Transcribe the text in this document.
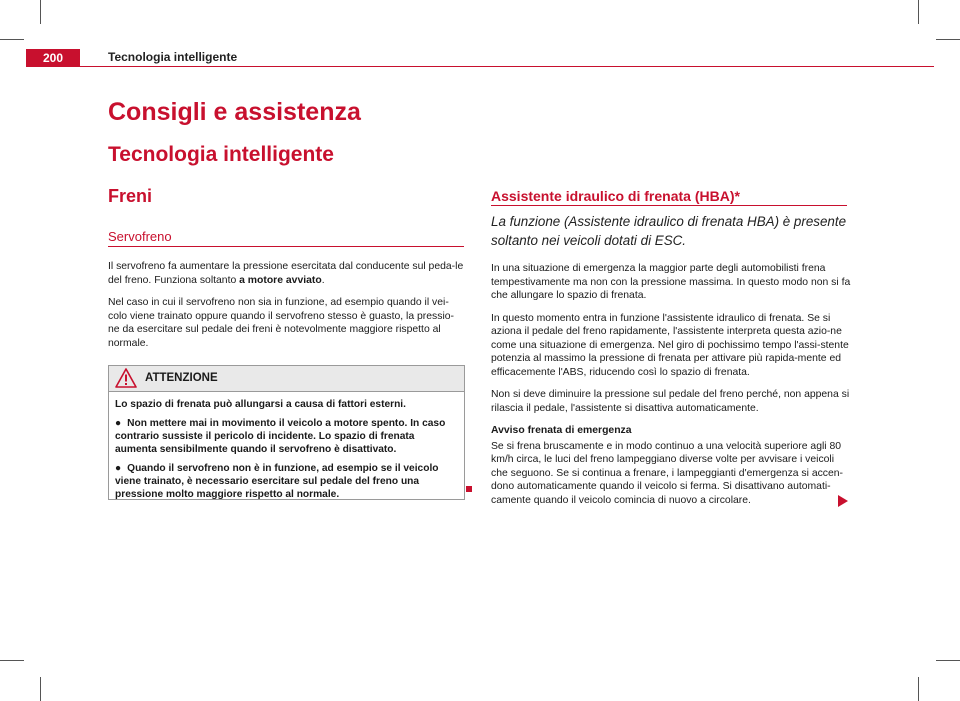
200	Tecnologia intelligente
Consigli e assistenza
Tecnologia intelligente
Freni
Servofreno

Il servofreno fa aumentare la pressione esercitata dal conducente sul peda-le del freno. Funziona soltanto a motore avviato.

Nel caso in cui il servofreno non sia in funzione, ad esempio quando il vei-colo viene trainato oppure quando il servofreno stesso è guasto, la pressio-ne da esercitare sul pedale dei freni è notevolmente maggiore rispetto al normale.

ATTENZIONE

Lo spazio di frenata può allungarsi a causa di fattori esterni.

● Non mettere mai in movimento il veicolo a motore spento. In caso contrario sussiste il pericolo di incidente. Lo spazio di frenata aumenta sensibilmente quando il servofreno è disattivato.

● Quando il servofreno non è in funzione, ad esempio se il veicolo viene trainato, è necessario esercitare sul pedale del freno una pressione molto maggiore rispetto al normale.

Assistente idraulico di frenata (HBA)*
La funzione (Assistente idraulico di frenata HBA) è presente soltanto nei veicoli dotati di ESC.

In una situazione di emergenza la maggior parte degli automobilisti frena tempestivamente ma non con la pressione massima. In questo modo non si fa che allungare lo spazio di frenata.

In questo momento entra in funzione l'assistente idraulico di frenata. Se si aziona il pedale del freno rapidamente, l'assistente interpreta questa azio-ne come una situazione di emergenza. Nel giro di pochissimo tempo l'assi-stente potenzia al massimo la pressione di frenata per attivare più rapida-mente ed efficacemente l'ABS, riducendo così lo spazio di frenata.

Non si deve diminuire la pressione sul pedale del freno perché, non appena si rilascia il pedale, l'assistente si disattiva automaticamente.

Avviso frenata di emergenza

Se si frena bruscamente e in modo continuo a una velocità superiore agli 80 km/h circa, le luci del freno lampeggiano diverse volte per avvisare i veicoli che seguono. Se si continua a frenare, i lampeggianti d'emergenza si accen-dono automaticamente quando il veicolo si ferma. Si disattivano automati-camente quando il veicolo comincia di nuovo a circolare.
